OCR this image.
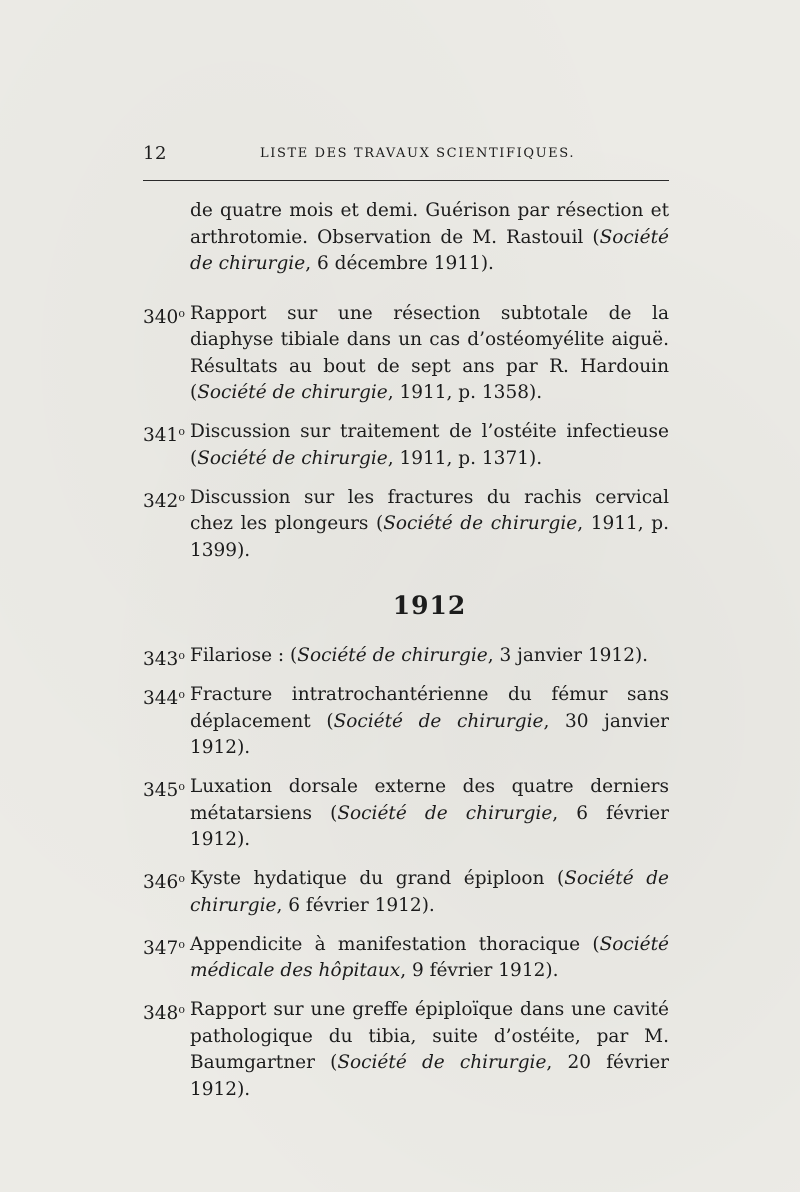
12	LISTE DES TRAVAUX SCIENTIFIQUES.
de quatre mois et demi. Guérison par résection et arthrotomie. Observation de M. Rastouil (Société de chirurgie, 6 décembre 1911).
340$^o$ Rapport sur une résection subtotale de la diaphyse tibiale dans un cas d’ostéomyélite aiguë. Résultats au bout de sept ans par R. Hardouin (Société de chirurgie, 1911, p. 1358).
341$^o$ Discussion sur traitement de l’ostéite infectieuse (Société de chirurgie, 1911, p. 1371).
342$^o$ Discussion sur les fractures du rachis cervical chez les plongeurs (Société de chirurgie, 1911, p. 1399).
1912
343$^o$ Filariose : (Société de chirurgie, 3 janvier 1912).
344$^o$ Fracture intratrochantérienne du fémur sans déplacement (Société de chirurgie, 30 janvier 1912).
345$^o$ Luxation dorsale externe des quatre derniers métatarsiens (Société de chirurgie, 6 février 1912).
346$^o$ Kyste hydatique du grand épiploon (Société de chirurgie, 6 février 1912).
347$^o$ Appendicite à manifestation thoracique (Société médicale des hôpitaux, 9 février 1912).
348$^o$ Rapport sur une greffe épiploïque dans une cavité pathologique du tibia, suite d’ostéite, par M. Baumgartner (Société de chirurgie, 20 février 1912).
